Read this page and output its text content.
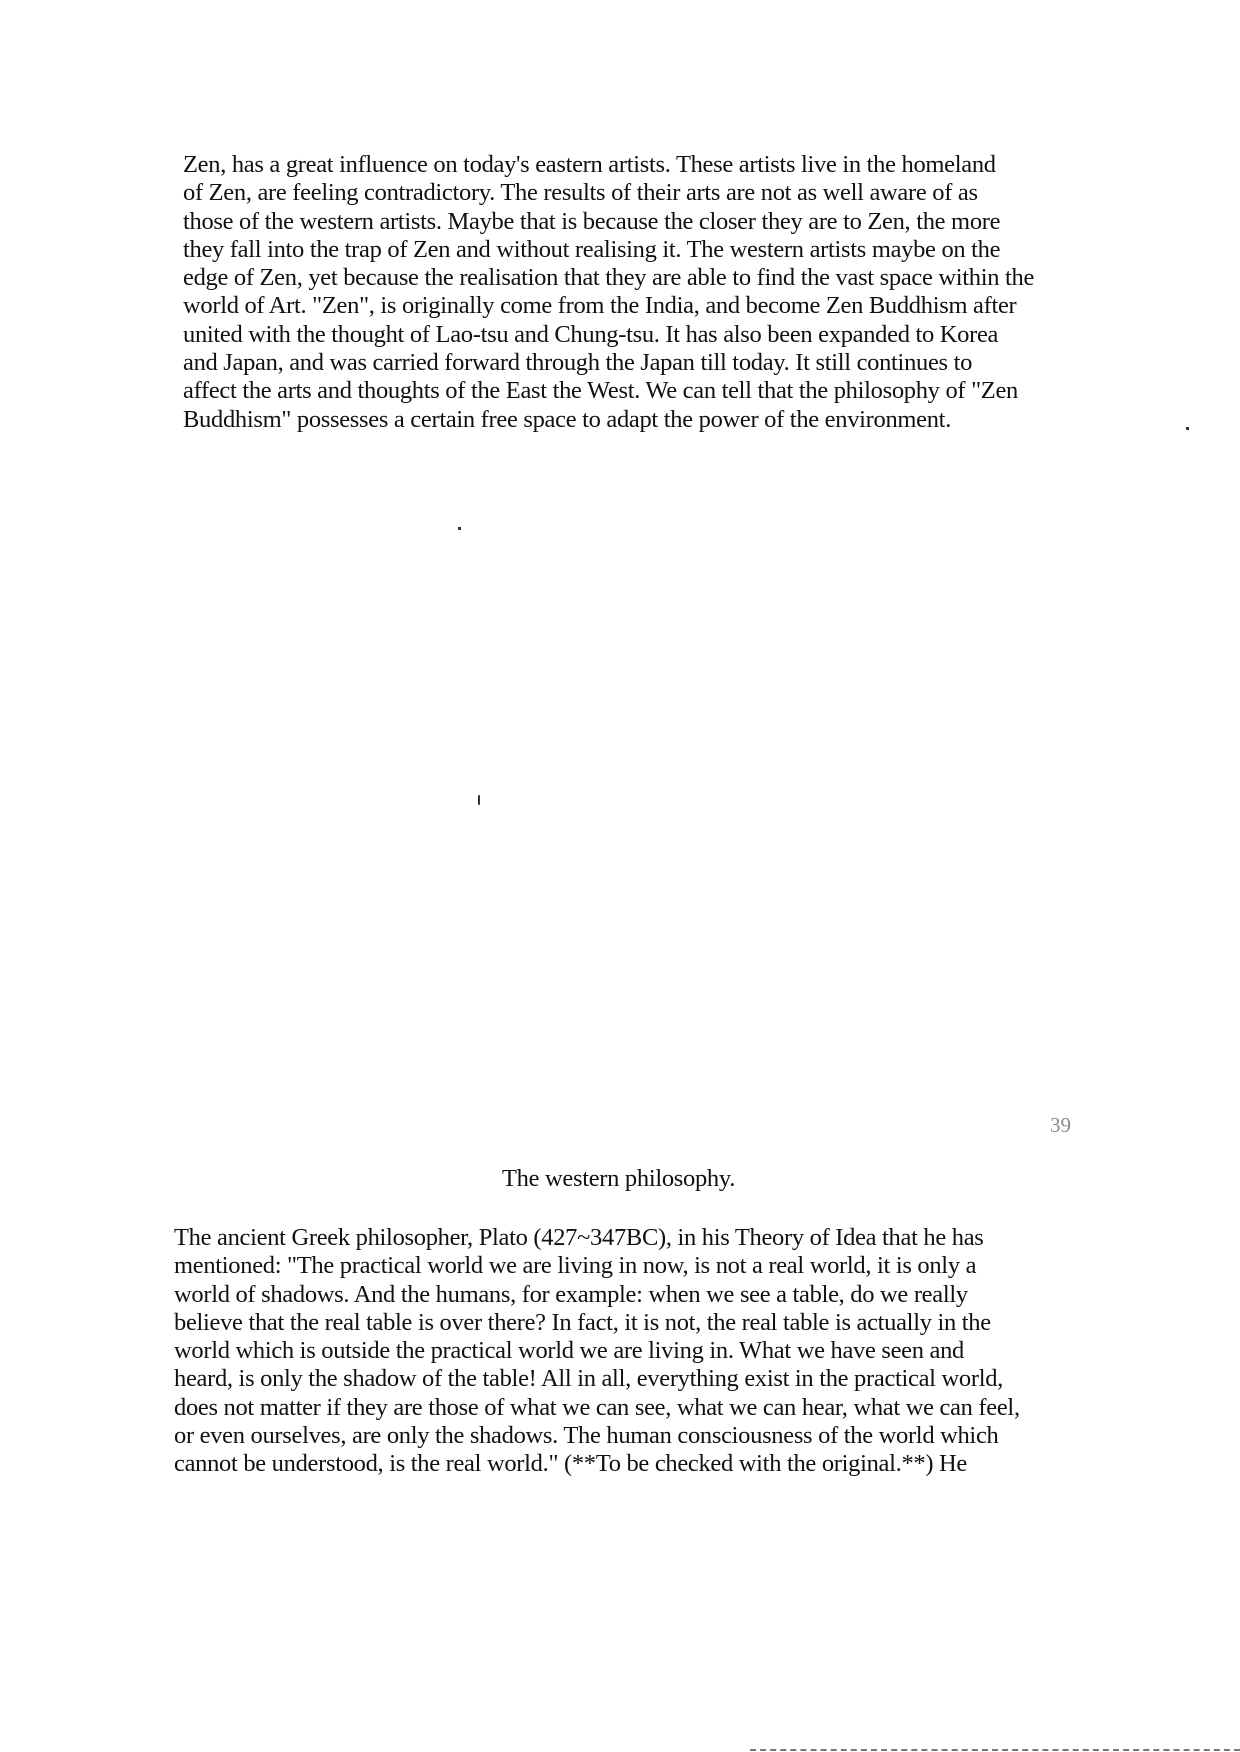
Zen, has a great influence on today's eastern artists. These artists live in the homeland
of Zen, are feeling contradictory. The results of their arts are not as well aware of as
those of the western artists. Maybe that is because the closer they are to Zen, the more
they fall into the trap of Zen and without realising it. The western artists maybe on the
edge of Zen, yet because the realisation that they are able to find the vast space within the
world of Art. "Zen", is originally come from the India, and become Zen Buddhism after
united with the thought of Lao-tsu and Chung-tsu. It has also been expanded to Korea
and Japan, and was carried forward through the Japan till today. It still continues to
affect the arts and thoughts of the East the West. We can tell that the philosophy of "Zen
Buddhism" possesses a certain free space to adapt the power of the environment.

39
The western philosophy.

The ancient Greek philosopher, Plato (427~347BC), in his Theory of Idea that he has
mentioned: "The practical world we are living in now, is not a real world, it is only a
world of shadows. And the humans, for example: when we see a table, do we really
believe that the real table is over there? In fact, it is not, the real table is actually in the
world which is outside the practical world we are living in. What we have seen and
heard, is only the shadow of the table! All in all, everything exist in the practical world,
does not matter if they are those of what we can see, what we can hear, what we can feel,
or even ourselves, are only the shadows. The human consciousness of the world which
cannot be understood, is the real world." (**To be checked with the original.**) He
